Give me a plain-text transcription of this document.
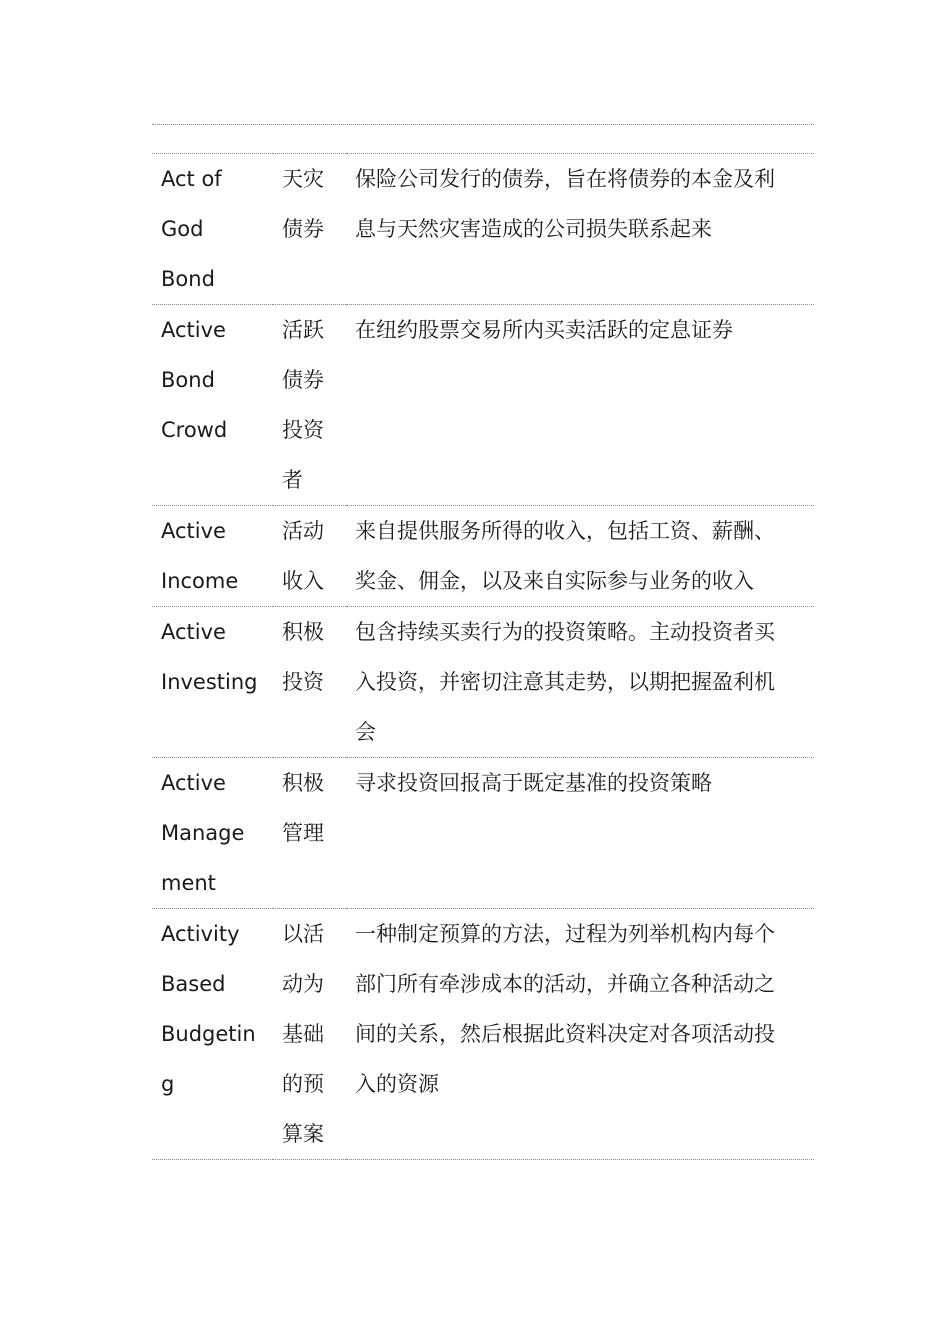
Act of
God
Bond	天灾
债券	保险公司发行的债券，旨在将债券的本金及利
息与天然灾害造成的公司损失联系起来

Active
Bond
Crowd	活跃
债券
投资
者	在纽约股票交易所内买卖活跃的定息证券

Active
Income	活动
收入	来自提供服务所得的收入，包括工资、薪酬、
奖金、佣金，以及来自实际参与业务的收入

Active
Investing	积极
投资	包含持续买卖行为的投资策略。主动投资者买
入投资，并密切注意其走势，以期把握盈利机
会

Active
Manage
ment	积极
管理	寻求投资回报高于既定基准的投资策略

Activity
Based
Budgetin
g	以活
动为
基础
的预
算案	一种制定预算的方法，过程为列举机构内每个
部门所有牵涉成本的活动，并确立各种活动之
间的关系，然后根据此资料决定对各项活动投
入的资源
